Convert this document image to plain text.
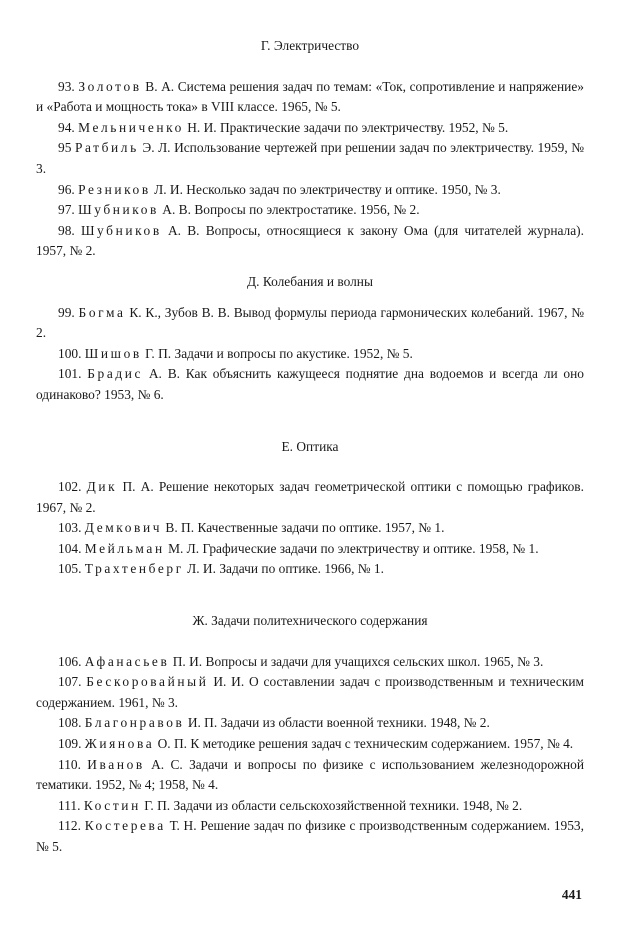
Г. Электричество

93. Золотов В. А. Система решения задач по темам: «Ток, сопротивление и напряжение» и «Работа и мощность тока» в VIII классе. 1965, № 5.

94. Мельниченко Н. И. Практические задачи по электричеству. 1952, № 5.

95 Ратбиль Э. Л. Использование чертежей при решении задач по электричеству. 1959, № 3.

96. Резников Л. И. Несколько задач по электричеству и оптике. 1950, № 3.

97. Шубников А. В. Вопросы по электростатике. 1956, № 2.

98. Шубников А. В. Вопросы, относящиеся к закону Ома (для читателей журнала). 1957, № 2.

Д. Колебания и волны

99. Богма К. К., Зубов В. В. Вывод формулы периода гармонических колебаний. 1967, № 2.

100. Шишов Г. П. Задачи и вопросы по акустике. 1952, № 5.

101. Брадис А. В. Как объяснить кажущееся поднятие дна водоемов и всегда ли оно одинаково? 1953, № 6.

Е. Оптика

102. Дик П. А. Решение некоторых задач геометрической оптики с помощью графиков. 1967, № 2.

103. Демкович В. П. Качественные задачи по оптике. 1957, № 1.

104. Мейльман М. Л. Графические задачи по электричеству и оптике. 1958, № 1.

105. Трахтенберг Л. И. Задачи по оптике. 1966, № 1.

Ж. Задачи политехнического содержания

106. Афанасьев П. И. Вопросы и задачи для учащихся сельских школ. 1965, № 3.

107. Бескоровайный И. И. О составлении задач с производственным и техническим содержанием. 1961, № 3.

108. Благонравов И. П. Задачи из области военной техники. 1948, № 2.

109. Жиянова О. П. К методике решения задач с техническим содержанием. 1957, № 4.

110. Иванов А. С. Задачи и вопросы по физике с использованием железнодорожной тематики. 1952, № 4; 1958, № 4.

111. Костин Г. П. Задачи из области сельскохозяйственной техники. 1948, № 2.

112. Костерева Т. Н. Решение задач по физике с производственным содержанием. 1953, № 5.

441
